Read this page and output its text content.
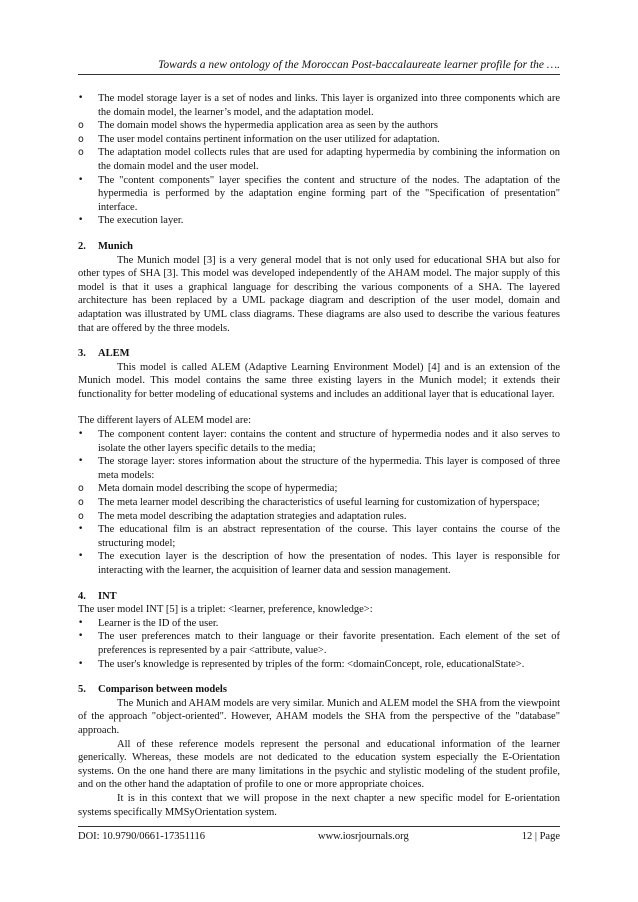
Towards a new ontology of the Moroccan Post-baccalaureate learner profile for the ….
•	The model storage layer is a set of nodes and links. This layer is organized into three components which are the domain model, the learner’s model, and the adaptation model.
o	The domain model shows the hypermedia application area as seen by the authors
o	The user model contains pertinent information on the user utilized for adaptation.
o	The adaptation model collects rules that are used for adapting hypermedia by combining the information on the domain model and the user model.
•	The "content components" layer specifies the content and structure of the nodes. The adaptation of the hypermedia is performed by the adaptation engine forming part of the "Specification of presentation" interface.
•	The execution layer.
2. Munich

The Munich model [3] is a very general model that is not only used for educational SHA but also for other types of SHA [3]. This model was developed independently of the AHAM model. The major supply of this model is that it uses a graphical language for describing the various components of a SHA. The layered architecture has been replaced by a UML package diagram and description of the user model, domain and adaptation was illustrated by UML class diagrams. These diagrams are also used to describe the various features that are offered by the three models.

3. ALEM

This model is called ALEM (Adaptive Learning Environment Model) [4] and is an extension of the Munich model. This model contains the same three existing layers in the Munich model; it extends their functionality for better modeling of educational systems and includes an additional layer that is educational layer.

The different layers of ALEM model are:

•	The component content layer: contains the content and structure of hypermedia nodes and it also serves to isolate the other layers specific details to the media;
•	The storage layer: stores information about the structure of the hypermedia. This layer is composed of three meta models:
o	Meta domain model describing the scope of hypermedia;
o	The meta learner model describing the characteristics of useful learning for customization of hyperspace;
o	The meta model describing the adaptation strategies and adaptation rules.
•	The educational film is an abstract representation of the course. This layer contains the course of the structuring model;
•	The execution layer is the description of how the presentation of nodes. This layer is responsible for interacting with the learner, the acquisition of learner data and session management.
4. INT

The user model INT [5] is a triplet: <learner, preference, knowledge>:

•	Learner is the ID of the user.
•	The user preferences match to their language or their favorite presentation. Each element of the set of preferences is represented by a pair <attribute, value>.
•	The user's knowledge is represented by triples of the form: <domainConcept, role, educationalState>.
5. Comparison between models

The Munich and AHAM models are very similar. Munich and ALEM model the SHA from the viewpoint of the approach "object-oriented". However, AHAM models the SHA from the perspective of the "database" approach.

All of these reference models represent the personal and educational information of the learner generically. Whereas, these models are not dedicated to the education system especially the E-Orientation systems. On the one hand there are many limitations in the psychic and stylistic modeling of the student profile, and on the other hand the adaptation of profile to one or more appropriate choices.

It is in this context that we will propose in the next chapter a new specific model for E-orientation systems specifically MMSyOrientation system.

DOI: 10.9790/0661-17351116	www.iosrjournals.org	12 | Page
